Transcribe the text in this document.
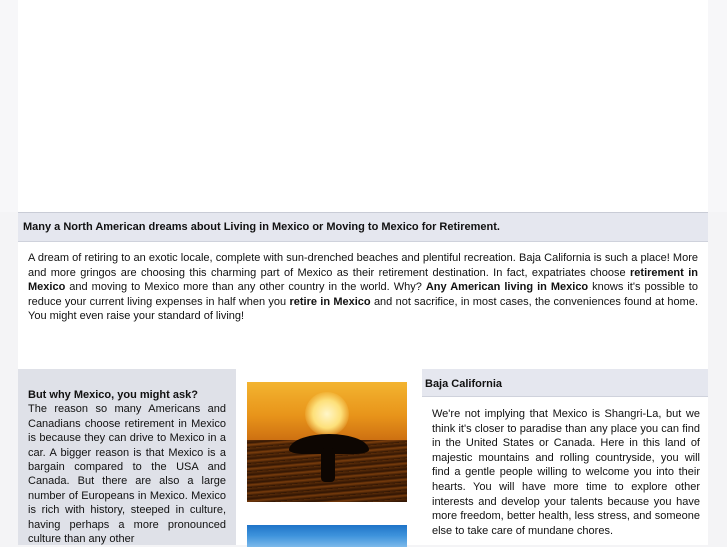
Many a North American dreams about Living in Mexico or Moving to Mexico for Retirement.
A dream of retiring to an exotic locale, complete with sun-drenched beaches and plentiful recreation. Baja California is such a place! More and more gringos are choosing this charming part of Mexico as their retirement destination. In fact, expatriates choose retirement in Mexico and moving to Mexico more than any other country in the world. Why? Any American living in Mexico knows it's possible to reduce your current living expenses in half when you retire in Mexico and not sacrifice, in most cases, the conveniences found at home. You might even raise your standard of living!
But why Mexico, you might ask?
The reason so many Americans and Canadians choose retirement in Mexico is because they can drive to Mexico in a car. A bigger reason is that Mexico is a bargain compared to the USA and Canada. But there are also a large number of Europeans in Mexico. Mexico is rich with history, steeped in culture, having perhaps a more pronounced culture than any other
Baja California
We're not implying that Mexico is Shangri-La, but we think it's closer to paradise than any place you can find in the United States or Canada. Here in this land of majestic mountains and rolling countryside, you will find a gentle people willing to welcome you into their hearts. You will have more time to explore other interests and develop your talents because you have more freedom, better health, less stress, and someone else to take care of mundane chores.
